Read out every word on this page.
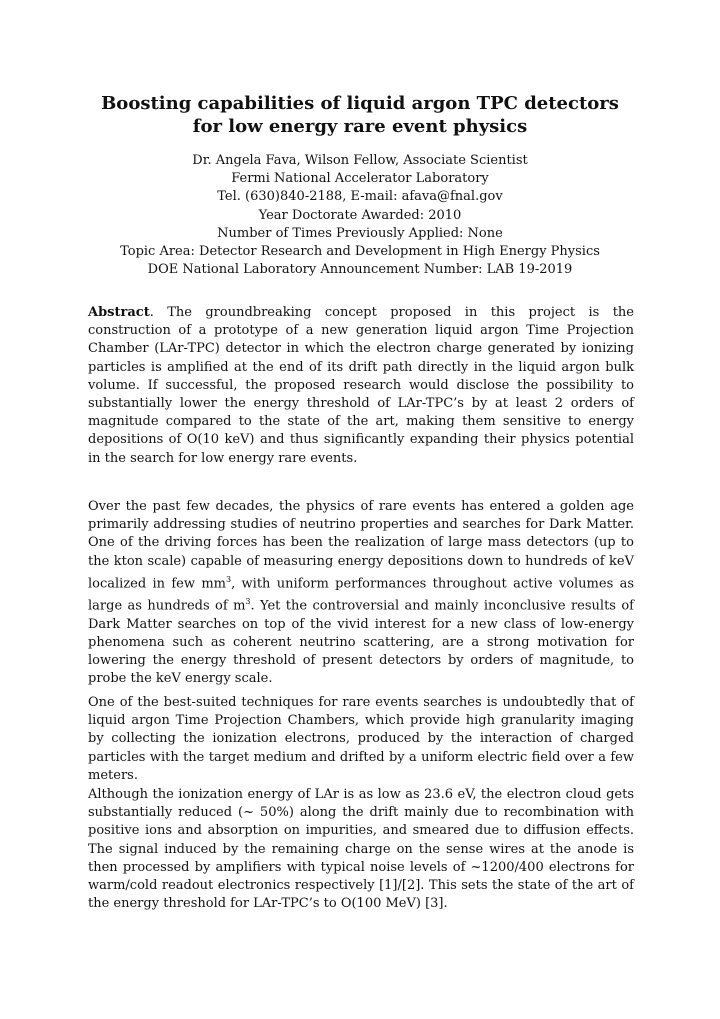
Boosting capabilities of liquid argon TPC detectors
for low energy rare event physics
Dr. Angela Fava, Wilson Fellow, Associate Scientist
Fermi National Accelerator Laboratory
Tel. (630)840-2188, E-mail: afava@fnal.gov
Year Doctorate Awarded: 2010
Number of Times Previously Applied: None
Topic Area: Detector Research and Development in High Energy Physics
DOE National Laboratory Announcement Number: LAB 19-2019

Abstract. The groundbreaking concept proposed in this project is the construction of a prototype of a new generation liquid argon Time Projection Chamber (LAr-TPC) detector in which the electron charge generated by ionizing particles is amplified at the end of its drift path directly in the liquid argon bulk volume. If successful, the proposed research would disclose the possibility to substantially lower the energy threshold of LAr-TPC’s by at least 2 orders of magnitude compared to the state of the art, making them sensitive to energy depositions of O(10 keV) and thus significantly expanding their physics potential in the search for low energy rare events.

Over the past few decades, the physics of rare events has entered a golden age primarily addressing studies of neutrino properties and searches for Dark Matter. One of the driving forces has been the realization of large mass detectors (up to the kton scale) capable of measuring energy depositions down to hundreds of keV localized in few $mm^3$, with uniform performances throughout active volumes as large as hundreds of $m^3$. Yet the controversial and mainly inconclusive results of Dark Matter searches on top of the vivid interest for a new class of low-energy phenomena such as coherent neutrino scattering, are a strong motivation for lowering the energy threshold of present detectors by orders of magnitude, to probe the keV energy scale.

One of the best-suited techniques for rare events searches is undoubtedly that of liquid argon Time Projection Chambers, which provide high granularity imaging by collecting the ionization electrons, produced by the interaction of charged particles with the target medium and drifted by a uniform electric field over a few meters.

Although the ionization energy of LAr is as low as 23.6 eV, the electron cloud gets substantially reduced (~ 50%) along the drift mainly due to recombination with positive ions and absorption on impurities, and smeared due to diffusion effects. The signal induced by the remaining charge on the sense wires at the anode is then processed by amplifiers with typical noise levels of ~1200/400 electrons for warm/cold readout electronics respectively [1]/[2]. This sets the state of the art of the energy threshold for LAr-TPC’s to O(100 MeV) [3].
